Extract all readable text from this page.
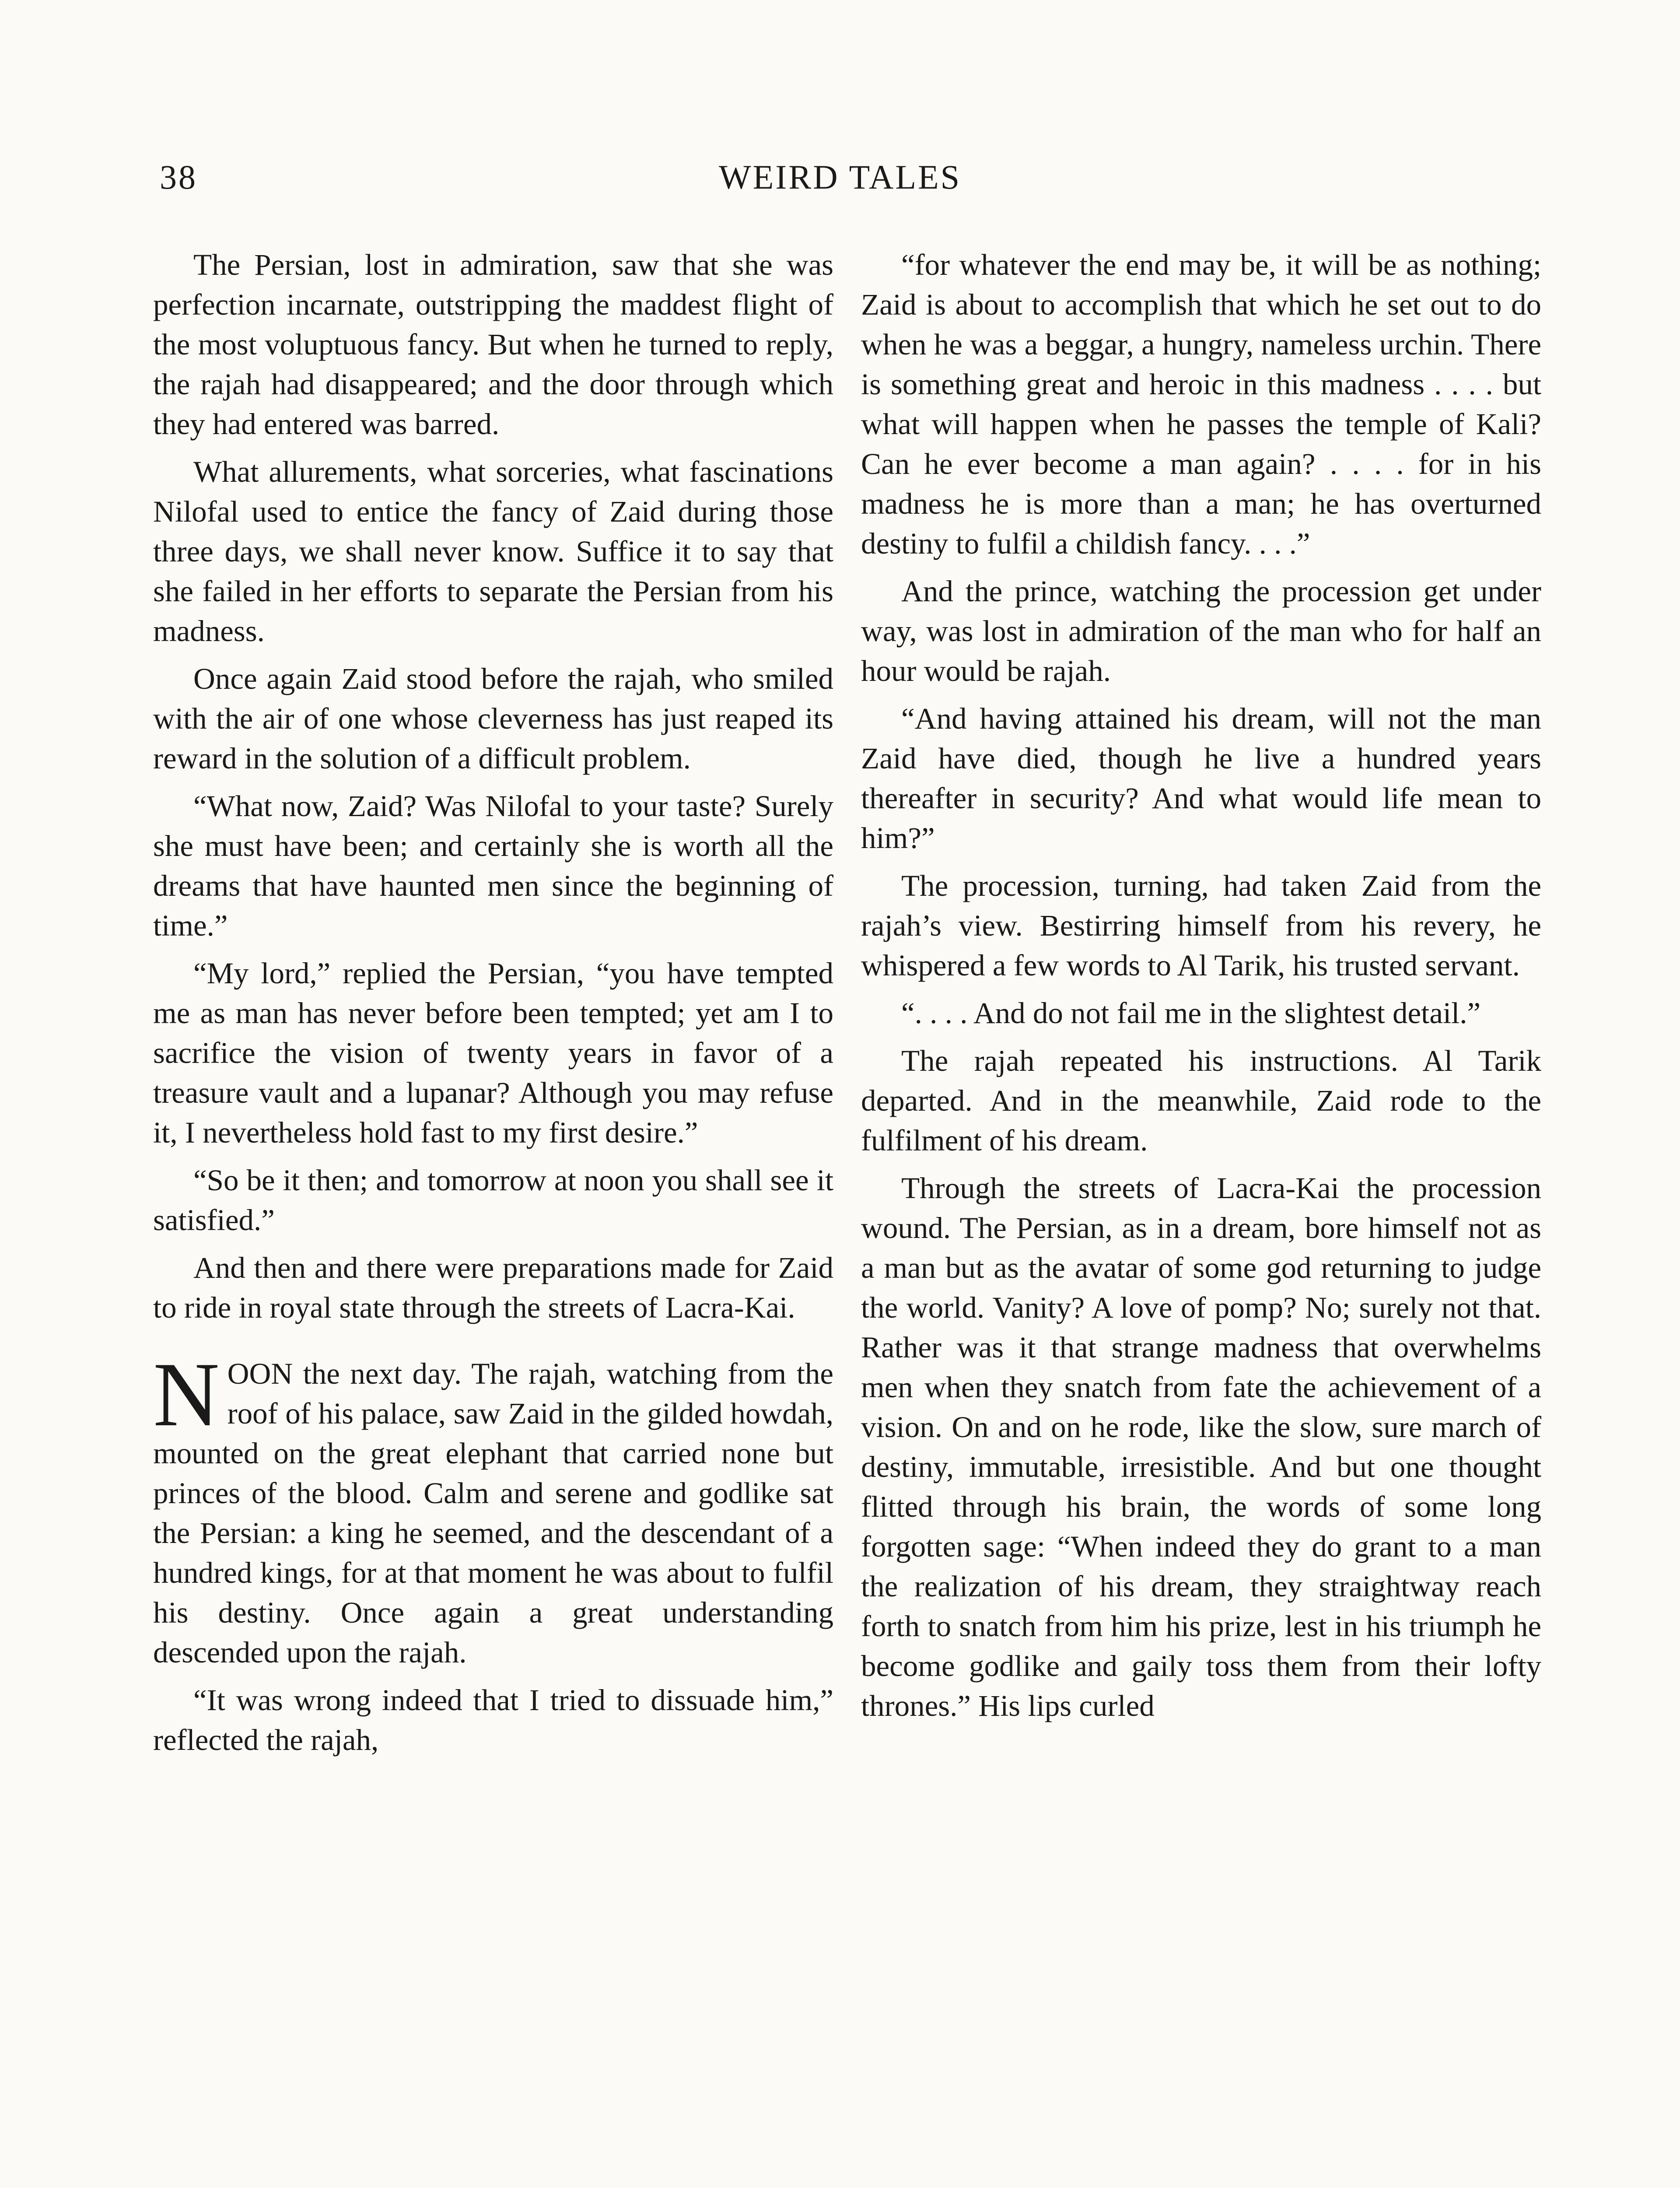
38	WEIRD TALES

The Persian, lost in admiration, saw that she was perfection incarnate, outstripping the maddest flight of the most voluptuous fancy. But when he turned to reply, the rajah had disappeared; and the door through which they had entered was barred.

What allurements, what sorceries, what fascinations Nilofal used to entice the fancy of Zaid during those three days, we shall never know. Suffice it to say that she failed in her efforts to separate the Persian from his madness.

Once again Zaid stood before the rajah, who smiled with the air of one whose cleverness has just reaped its reward in the solution of a difficult problem.

“What now, Zaid? Was Nilofal to your taste? Surely she must have been; and certainly she is worth all the dreams that have haunted men since the beginning of time.”

“My lord,” replied the Persian, “you have tempted me as man has never before been tempted; yet am I to sacrifice the vision of twenty years in favor of a treasure vault and a lupanar? Although you may refuse it, I nevertheless hold fast to my first desire.”

“So be it then; and tomorrow at noon you shall see it satisfied.”

And then and there were preparations made for Zaid to ride in royal state through the streets of Lacra-Kai.

NOON the next day. The rajah, watching from the roof of his palace, saw Zaid in the gilded howdah, mounted on the great elephant that carried none but princes of the blood. Calm and serene and godlike sat the Persian: a king he seemed, and the descendant of a hundred kings, for at that moment he was about to fulfil his destiny. Once again a great understanding descended upon the rajah.

“It was wrong indeed that I tried to dissuade him,” reflected the rajah,

“for whatever the end may be, it will be as nothing; Zaid is about to accomplish that which he set out to do when he was a beggar, a hungry, nameless urchin. There is something great and heroic in this madness . . . . but what will happen when he passes the temple of Kali? Can he ever become a man again? . . . . for in his madness he is more than a man; he has overturned destiny to fulfil a childish fancy. . . .”

And the prince, watching the procession get under way, was lost in admiration of the man who for half an hour would be rajah.

“And having attained his dream, will not the man Zaid have died, though he live a hundred years thereafter in security? And what would life mean to him?”

The procession, turning, had taken Zaid from the rajah’s view. Bestirring himself from his revery, he whispered a few words to Al Tarik, his trusted servant.

“. . . . And do not fail me in the slightest detail.”

The rajah repeated his instructions. Al Tarik departed. And in the meanwhile, Zaid rode to the fulfilment of his dream.

Through the streets of Lacra-Kai the procession wound. The Persian, as in a dream, bore himself not as a man but as the avatar of some god returning to judge the world. Vanity? A love of pomp? No; surely not that. Rather was it that strange madness that overwhelms men when they snatch from fate the achievement of a vision. On and on he rode, like the slow, sure march of destiny, immutable, irresistible. And but one thought flitted through his brain, the words of some long forgotten sage: “When indeed they do grant to a man the realization of his dream, they straightway reach forth to snatch from him his prize, lest in his triumph he become godlike and gaily toss them from their lofty thrones.” His lips curled
